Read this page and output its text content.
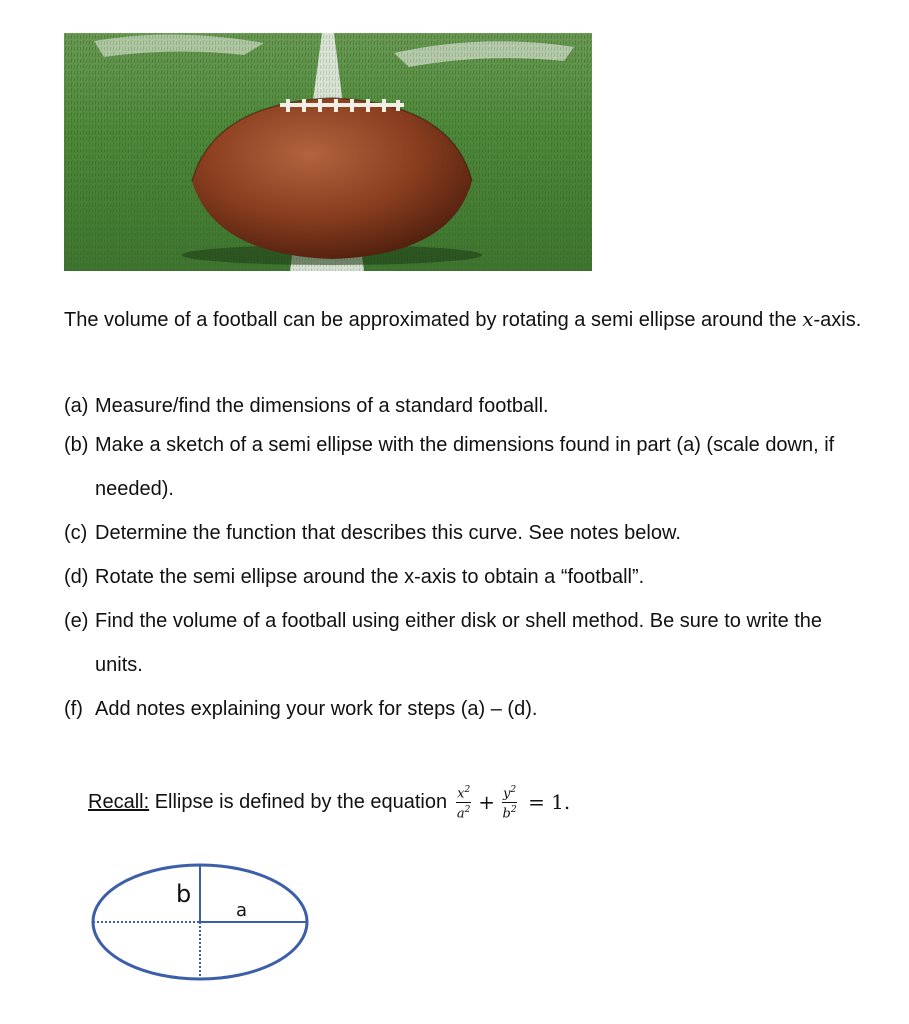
The volume of a football can be approximated by rotating a semi ellipse around the x-axis.
(a) Measure/find the dimensions of a standard football.
(b) Make a sketch of a semi ellipse with the dimensions found in part (a) (scale down, if needed).
(c) Determine the function that describes this curve. See notes below.
(d) Rotate the semi ellipse around the x-axis to obtain a “football”.
(e) Find the volume of a football using either disk or shell method. Be sure to write the units.
(f) Add notes explaining your work for steps (a) – (d).
Recall: Ellipse is defined by the equation $\frac{x^2}{a^2} + \frac{y^2}{b^2} = 1$.
b
a
